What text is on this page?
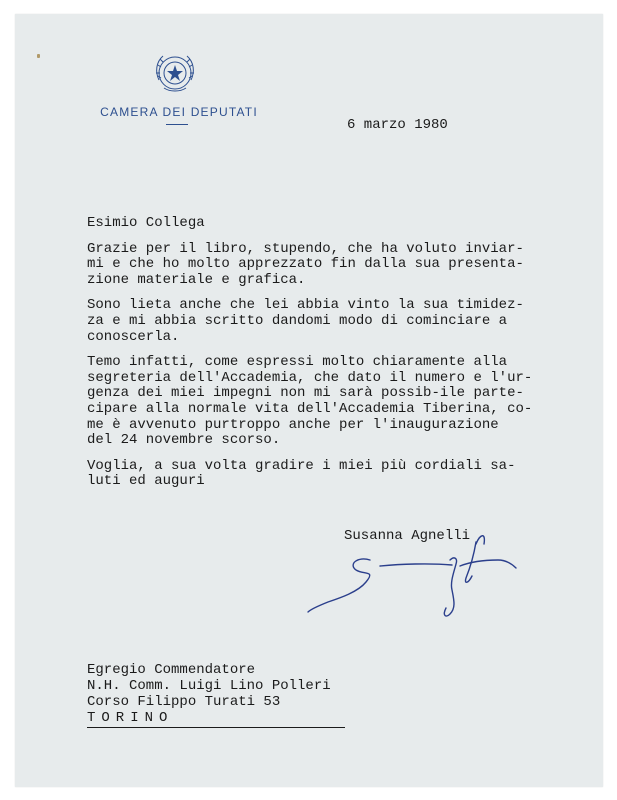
CAMERA DEI DEPUTATI
6 marzo 1980
Esimio Collega

Grazie per il libro, stupendo, che ha voluto inviar-
mi e che ho molto apprezzato fin dalla sua presenta-
zione materiale e grafica.

Sono lieta anche che lei abbia vinto la sua timidez-
za e mi abbia scritto dandomi modo di cominciare a
conoscerla.

Temo infatti, come espressi molto chiaramente alla
segreteria dell'Accademia, che dato il numero e l'ur-
genza dei miei impegni non mi sarà possib-ile parte-
cipare alla normale vita dell'Accademia Tiberina, co-
me è avvenuto purtroppo anche per l'inaugurazione
del 24 novembre scorso.

Voglia, a sua volta gradire i miei più cordiali sa-
luti ed auguri

Susanna Agnelli
Egregio Commendatore
N.H. Comm. Luigi Lino Polleri
Corso Filippo Turati 53
TORINO
